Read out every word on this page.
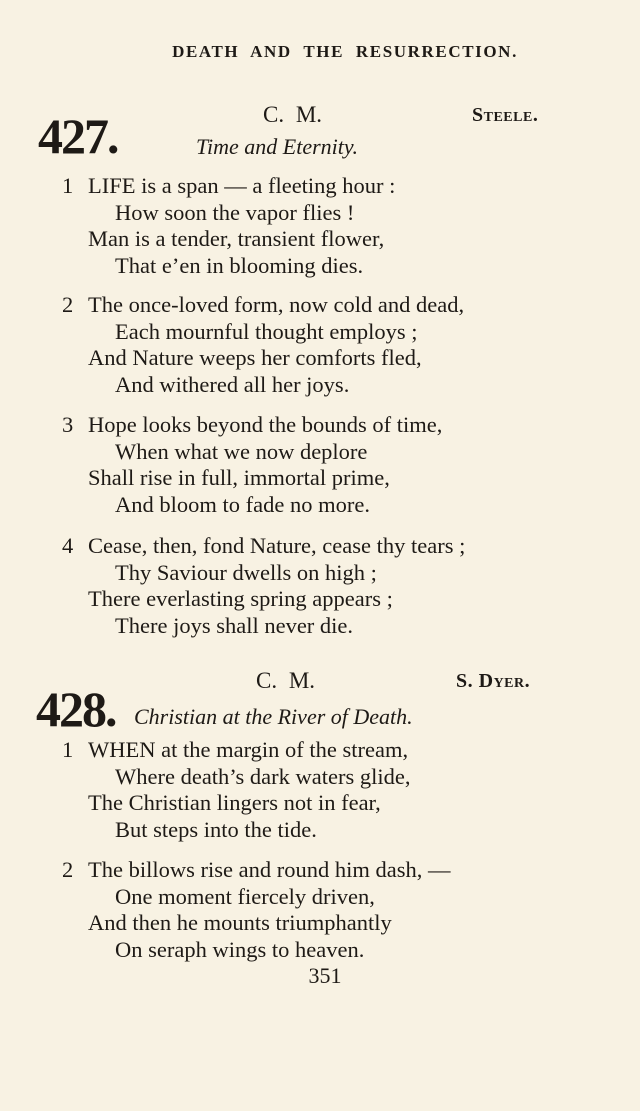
DEATH AND THE RESURRECTION.
427.	C. M.	Steele.
Time and Eternity.
1 LIFE is a span — a fleeting hour :
How soon the vapor flies !
Man is a tender, transient flower,
That e’en in blooming dies.
2 The once-loved form, now cold and dead,
Each mournful thought employs ;
And Nature weeps her comforts fled,
And withered all her joys.
3 Hope looks beyond the bounds of time,
When what we now deplore
Shall rise in full, immortal prime,
And bloom to fade no more.
4 Cease, then, fond Nature, cease thy tears ;
Thy Saviour dwells on high ;
There everlasting spring appears ;
There joys shall never die.
428.
C. M.	S. Dyer.
Christian at the River of Death.
1 WHEN at the margin of the stream,
Where death’s dark waters glide,
The Christian lingers not in fear,
But steps into the tide.
2 The billows rise and round him dash, —
One moment fiercely driven,
And then he mounts triumphantly
On seraph wings to heaven.
351
